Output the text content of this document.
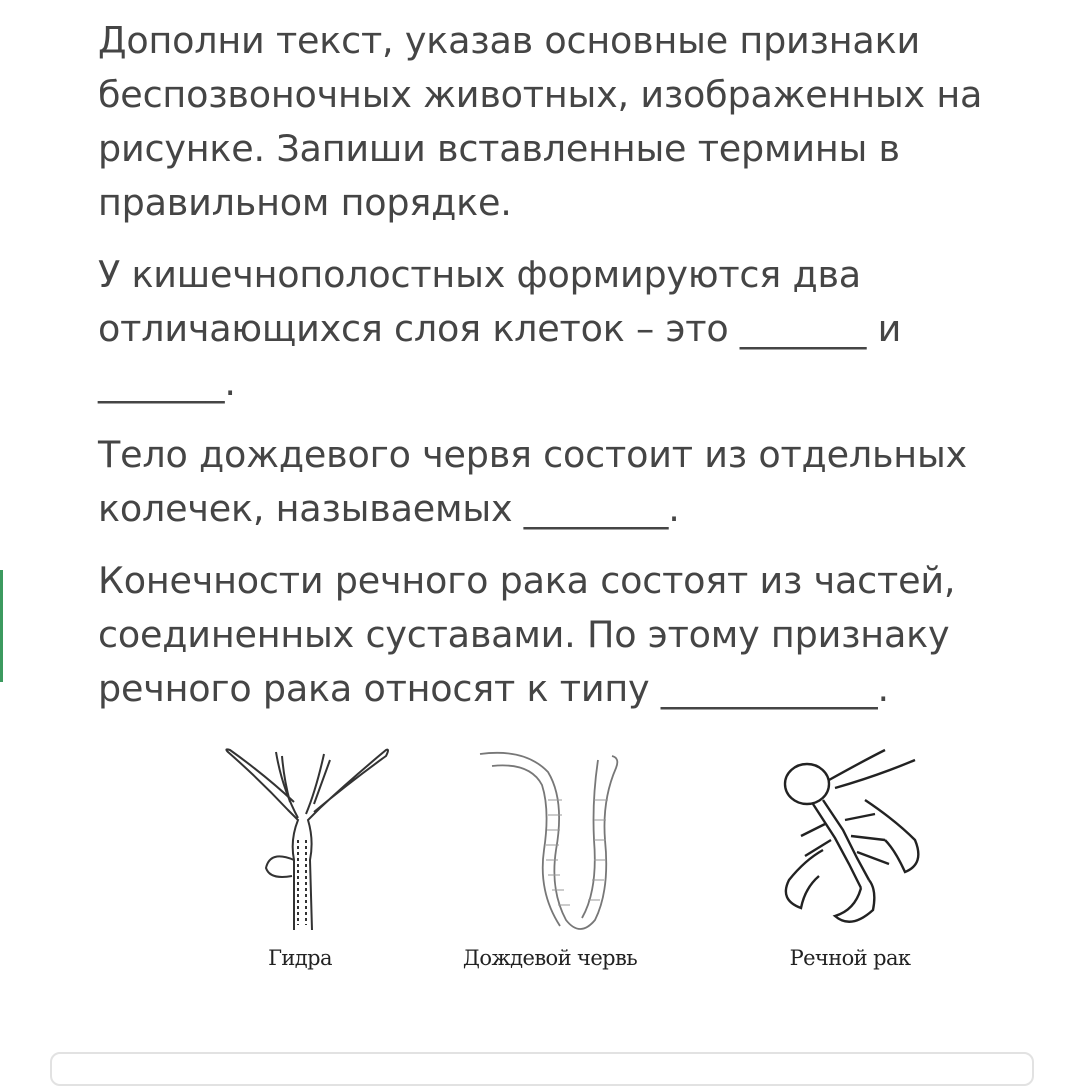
Дополни текст, указав основные признаки беспозвоночных животных, изображенных на рисунке. Запиши вставленные термины в правильном порядке.

У кишечнополостных формируются два отличающихся слоя клеток – это _______ и
_______.

Тело дождевого червя состоит из отдельных колечек, называемых ________.

Конечности речного рака состоят из частей, соединенных суставами. По этому признаку речного рака относят к типу ____________.

Гидра	Дождевой червь	Речной рак
